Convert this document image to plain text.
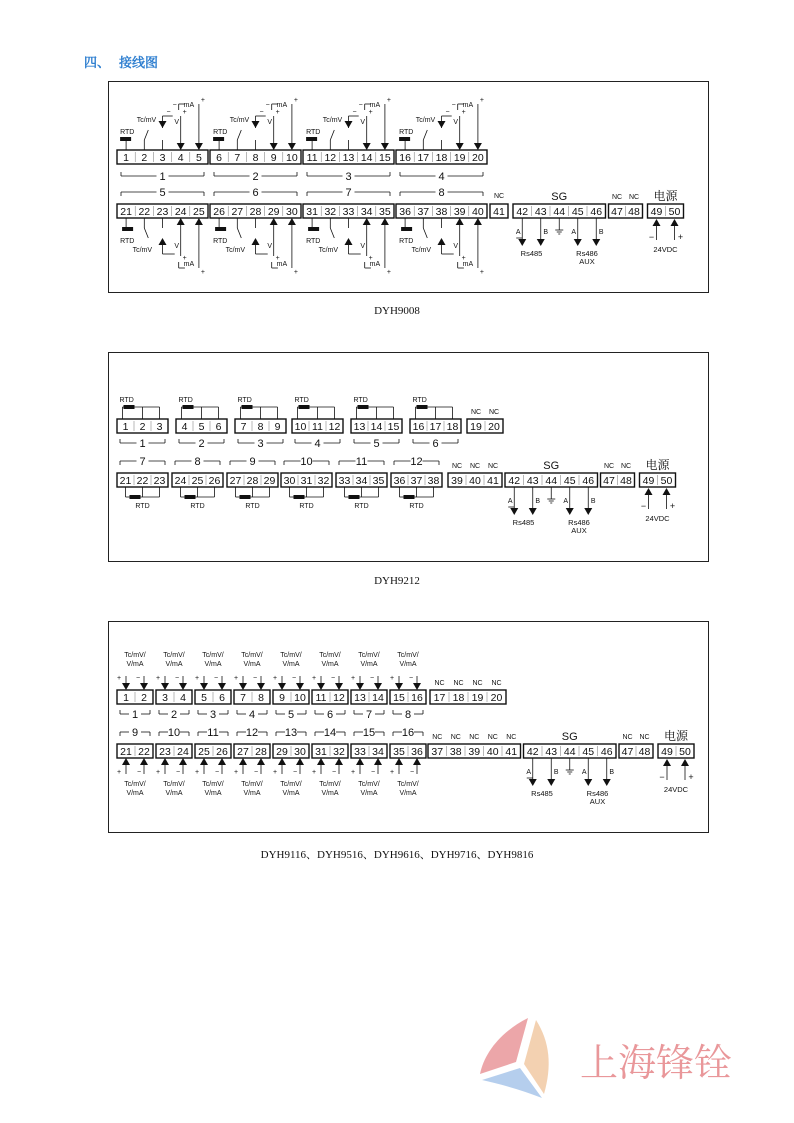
四、  接线图
1 2 3 4 5
1
RTD
Tc/mV	V
− +
mA
−
+
6 7 8 9 10
2
RTD
Tc/mV	V
− +
mA
−
+
11 12 13 14 15
3
RTD
Tc/mV	V
− +
mA
−
+
16 17 18 19 20
4
RTD
Tc/mV	V
− +
mA
−
+
21 22 23 24 25
5
RTD
Tc/mV
V
+
mA
+
26 27 28 29 30
6
RTD
Tc/mV
V
+
mA
+
31 32 33 34 35
7
RTD
Tc/mV
V
+
mA
+
36 37 38 39 40
8
RTD
Tc/mV
V
+
mA
+
41
NC
42 43 44 45 46
SG
A	B	A	B
Rs485	Rs486
AUX
47 48
NC NC
49 50
电源
−	+
24VDC
DYH9008
1 2 3
1
RTD
4 5 6
2
RTD
7 8 9
3
RTD
10 11 12
4
RTD
13 14 15
5
RTD
16 17 18
6
RTD
19 20
NC NC
21 22 23
7
RTD
24 25 26
8
RTD
27 28 29
9
RTD
30 31 32
10
RTD
33 34 35
11
RTD
36 37 38
12
RTD
39 40 41
NC NC NC
42 43 44 45 46
SG
A	B	A	B
Rs485	Rs486
AUX
47 48
NC NC
49 50
电源
−	+
24VDC
DYH9212
1 2
1
Tc/mV/
V/mA
+ −
3 4
2
Tc/mV/
V/mA
+ −
5 6
3
Tc/mV/
V/mA
+ −
7 8
4
Tc/mV/
V/mA
+ −
9 10
5
Tc/mV/
V/mA
+ −
11 12
6
Tc/mV/
V/mA
+ −
13 14
7
Tc/mV/
V/mA
+ −
15 16
8
Tc/mV/
V/mA
+ −
17 18 19 20
NC NC NC NC
21 22
9
+ −
Tc/mV/
V/mA
23 24
10
+ −
Tc/mV/
V/mA
25 26
11
+ −
Tc/mV/
V/mA
27 28
12
+ −
Tc/mV/
V/mA
29 30
13
+ −
Tc/mV/
V/mA
31 32
14
+ −
Tc/mV/
V/mA
33 34
15
+ −
Tc/mV/
V/mA
35 36
16
+ −
Tc/mV/
V/mA
37 38 39 40 41
NC NC NC NC NC
42 43 44 45 46
SG
A	B	A	B
Rs485	Rs486
AUX
47 48
NC NC
49 50
电源
−	+
24VDC
DYH9116、DYH9516、DYH9616、DYH9716、DYH9816
上海锋铨
